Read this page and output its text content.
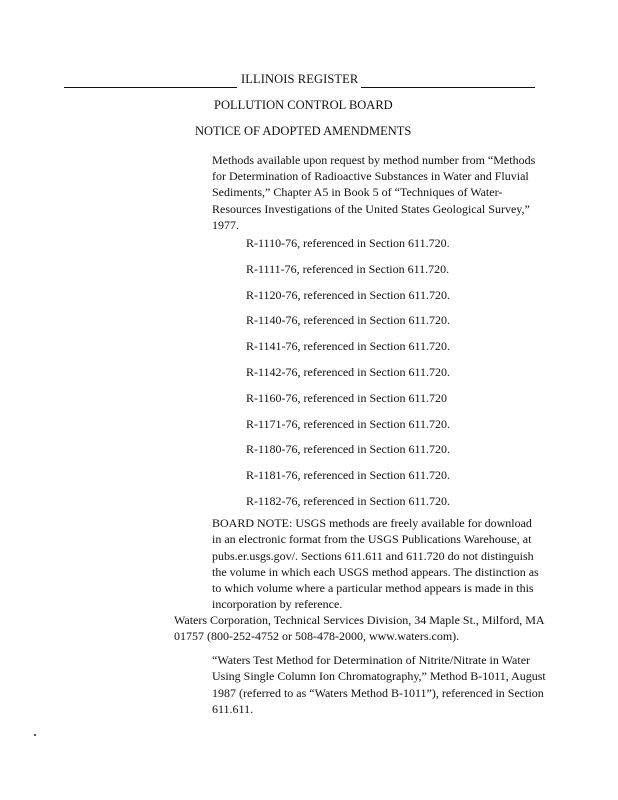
ILLINOIS REGISTER
POLLUTION CONTROL BOARD
NOTICE OF ADOPTED AMENDMENTS
Methods available upon request by method number from “Methods for Determination of Radioactive Substances in Water and Fluvial Sediments,” Chapter A5 in Book 5 of “Techniques of Water-Resources Investigations of the United States Geological Survey,” 1977.
R-1110-76, referenced in Section 611.720.
R-1111-76, referenced in Section 611.720.
R-1120-76, referenced in Section 611.720.
R-1140-76, referenced in Section 611.720.
R-1141-76, referenced in Section 611.720.
R-1142-76, referenced in Section 611.720.
R-1160-76, referenced in Section 611.720
R-1171-76, referenced in Section 611.720.
R-1180-76, referenced in Section 611.720.
R-1181-76, referenced in Section 611.720.
R-1182-76, referenced in Section 611.720.
BOARD NOTE: USGS methods are freely available for download in an electronic format from the USGS Publications Warehouse, at pubs.er.usgs.gov/. Sections 611.611 and 611.720 do not distinguish the volume in which each USGS method appears. The distinction as to which volume where a particular method appears is made in this incorporation by reference.
Waters Corporation, Technical Services Division, 34 Maple St., Milford, MA 01757 (800-252-4752 or 508-478-2000, www.waters.com).
“Waters Test Method for Determination of Nitrite/Nitrate in Water Using Single Column Ion Chromatography,” Method B-1011, August 1987 (referred to as “Waters Method B-1011”), referenced in Section 611.611.
